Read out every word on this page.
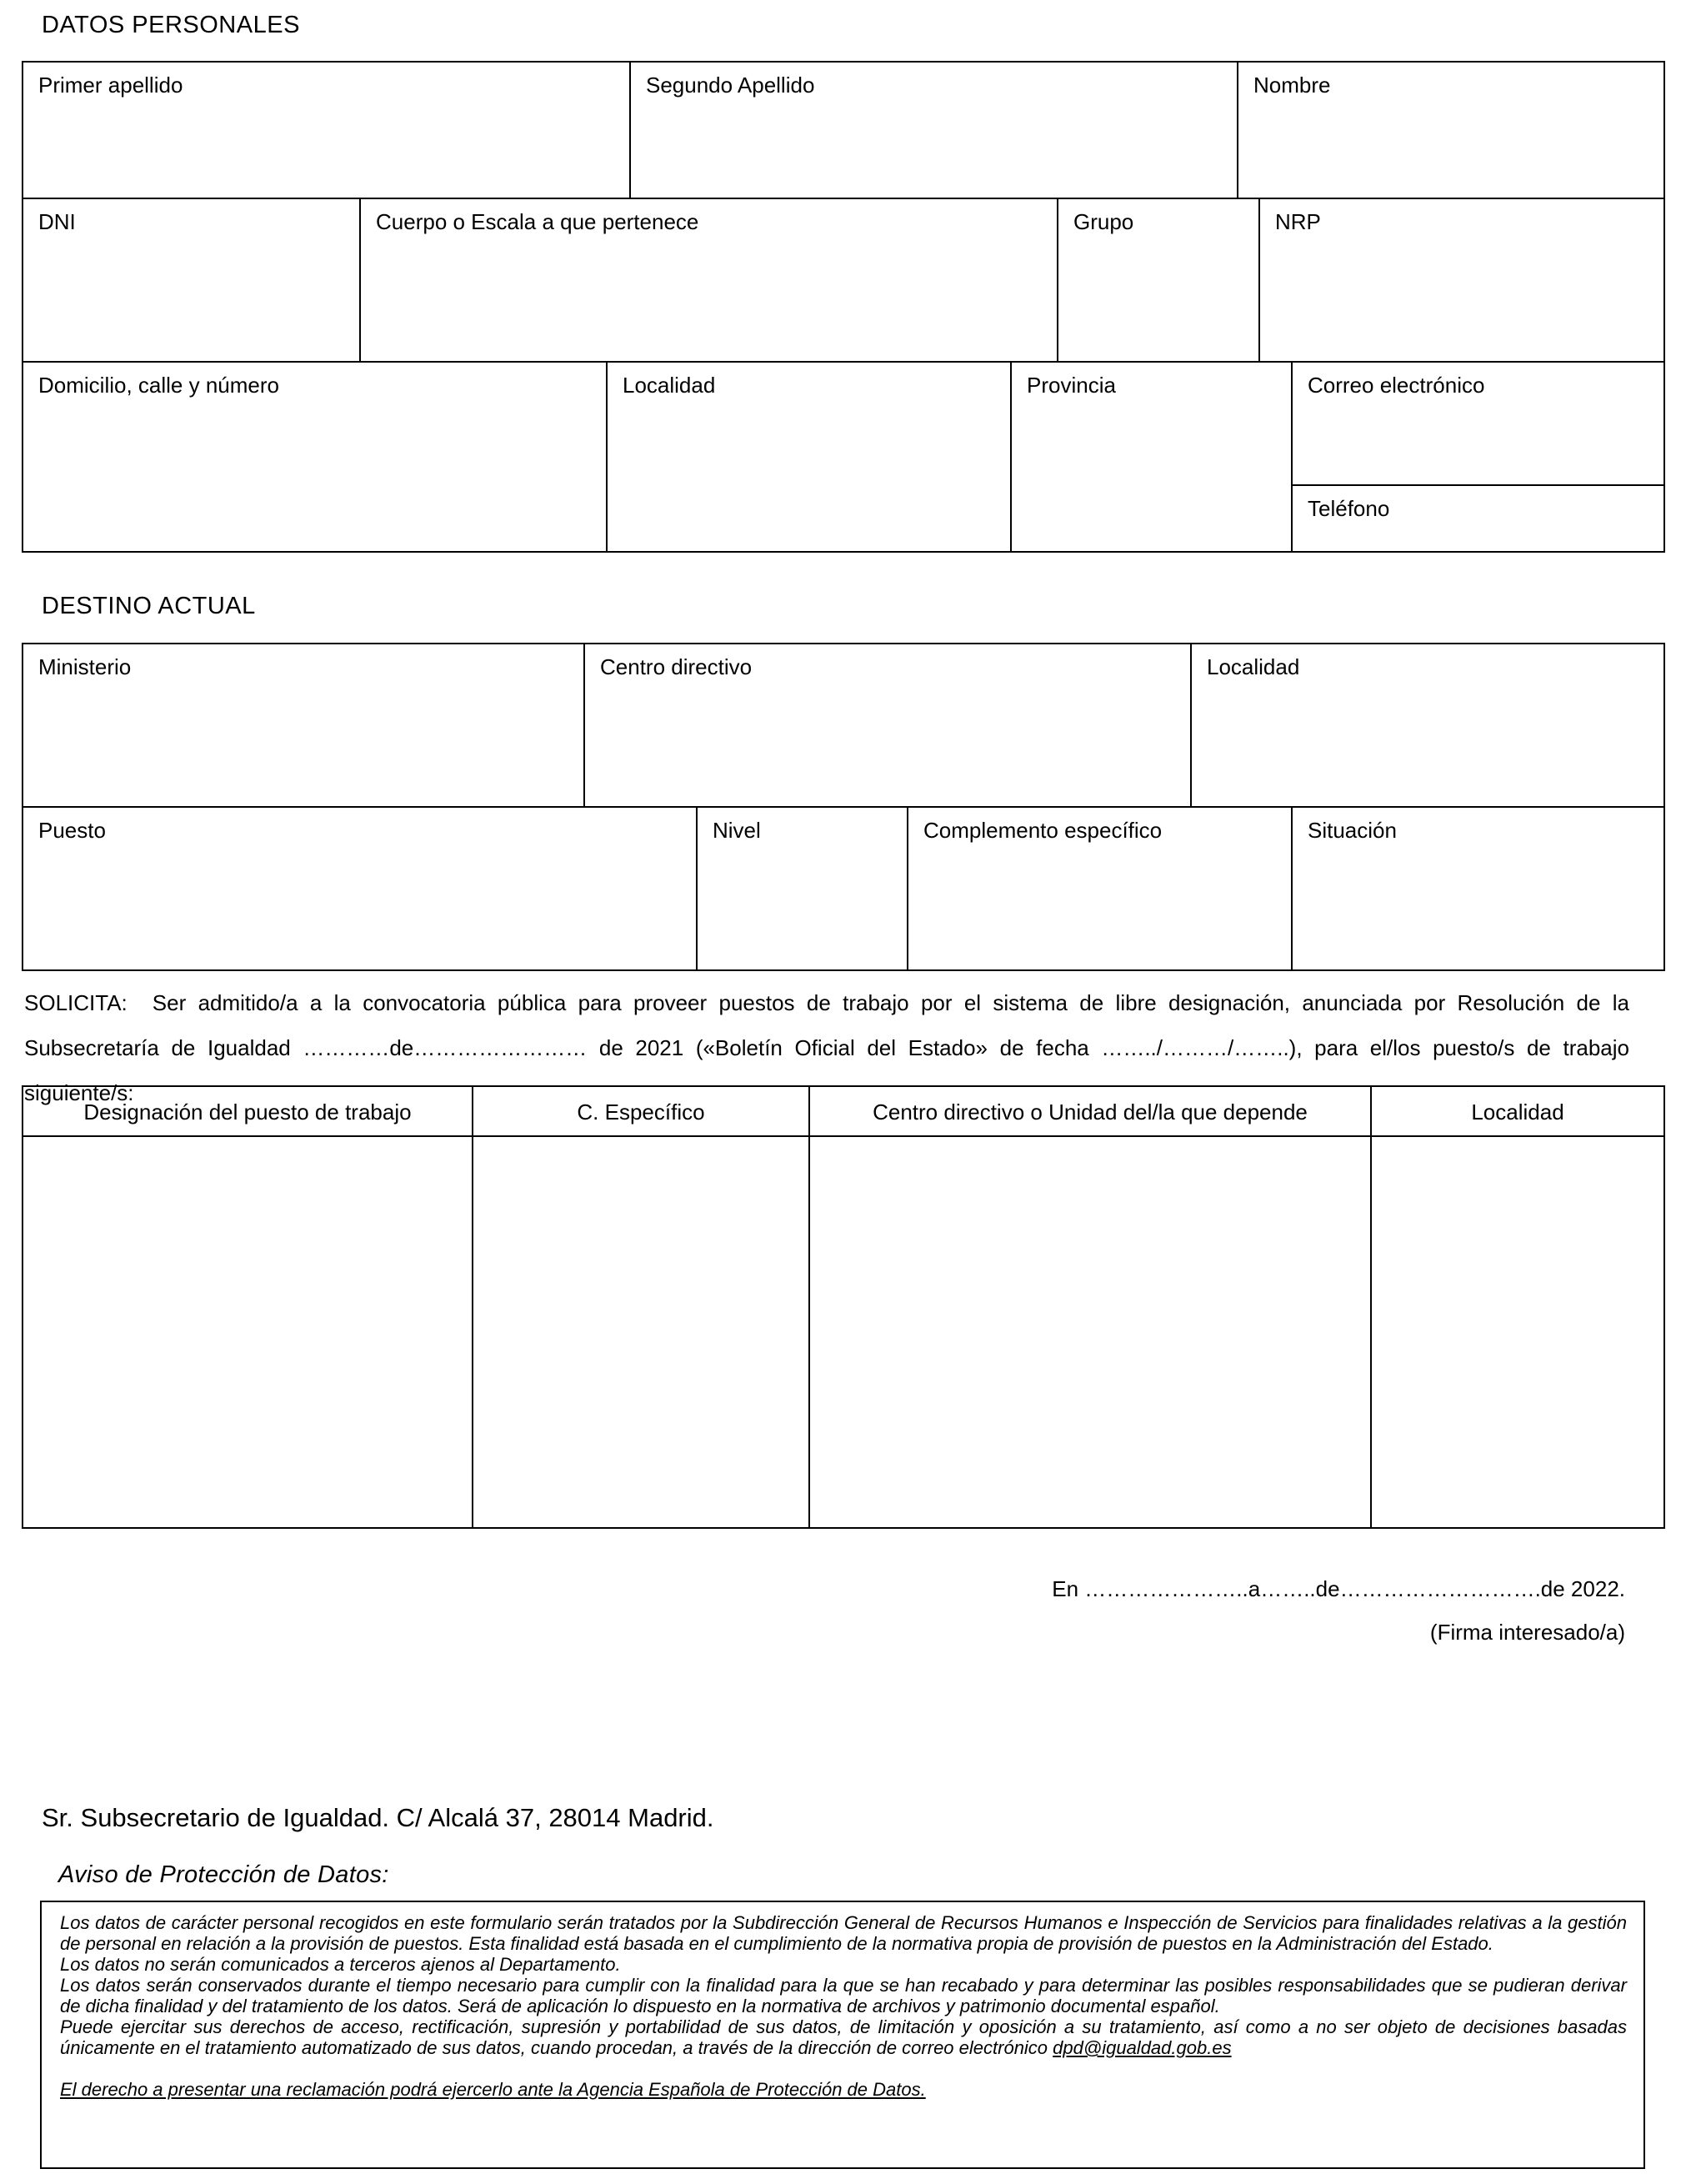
DATOS PERSONALES
Primer apellido	Segundo Apellido	Nombre
DNI	Cuerpo o Escala a que pertenece	Grupo	NRP
Domicilio, calle y número	Localidad	Provincia	Correo electrónico
Teléfono
DESTINO ACTUAL
Ministerio	Centro directivo	Localidad
Puesto	Nivel	Complemento específico	Situación
SOLICITA: Ser admitido/a a la convocatoria pública para proveer puestos de trabajo por el sistema de libre designación, anunciada por Resolución de la Subsecretaría de Igualdad …………de…………………… de 2021 («Boletín Oficial del Estado» de fecha ……../………/……..), para el/los puesto/s de trabajo siguiente/s:
Designación del puesto de trabajo	C. Específico	Centro directivo o Unidad del/la que depende	Localidad
En …………………..a……..de……………………….de 2022.
(Firma interesado/a)
Sr. Subsecretario de Igualdad. C/ Alcalá 37, 28014 Madrid.
Aviso de Protección de Datos:

Los datos de carácter personal recogidos en este formulario serán tratados por la Subdirección General de Recursos Humanos e Inspección de Servicios para finalidades relativas a la gestión de personal en relación a la provisión de puestos. Esta finalidad está basada en el cumplimiento de la normativa propia de provisión de puestos en la Administración del Estado.

Los datos no serán comunicados a terceros ajenos al Departamento.

Los datos serán conservados durante el tiempo necesario para cumplir con la finalidad para la que se han recabado y para determinar las posibles responsabilidades que se pudieran derivar de dicha finalidad y del tratamiento de los datos. Será de aplicación lo dispuesto en la normativa de archivos y patrimonio documental español.

Puede ejercitar sus derechos de acceso, rectificación, supresión y portabilidad de sus datos, de limitación y oposición a su tratamiento, así como a no ser objeto de decisiones basadas únicamente en el tratamiento automatizado de sus datos, cuando procedan, a través de la dirección de correo electrónico dpd@igualdad.gob.es

El derecho a presentar una reclamación podrá ejercerlo ante la Agencia Española de Protección de Datos.
